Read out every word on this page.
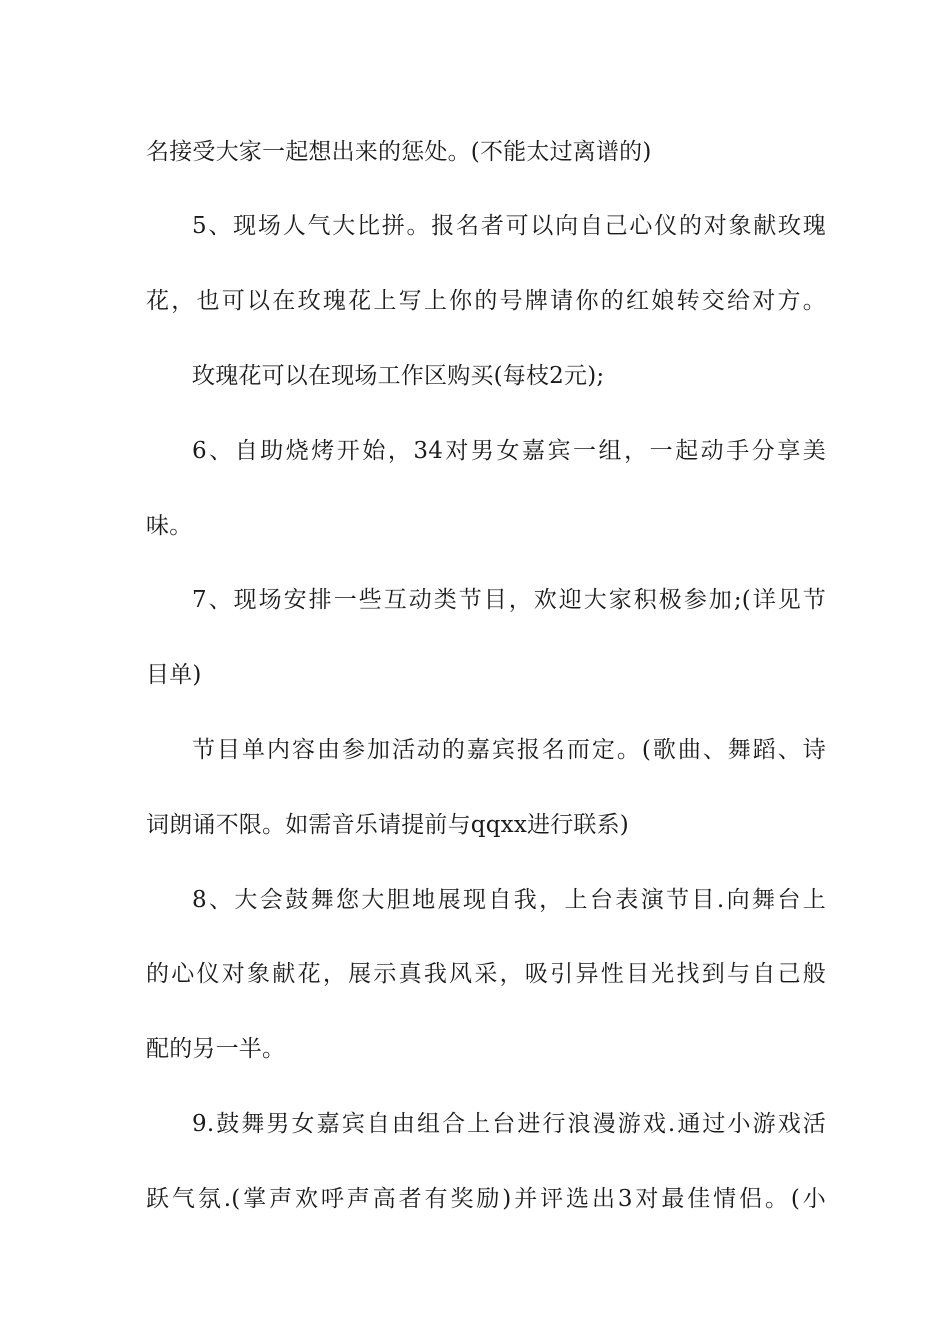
名接受大家一起想出来的惩处。(不能太过离谱的)

5、现场人气大比拼。报名者可以向自己心仪的对象献玫瑰

花，也可以在玫瑰花上写上你的号牌请你的红娘转交给对方。

玫瑰花可以在现场工作区购买(每枝2元);

6、自助烧烤开始，34对男女嘉宾一组，一起动手分享美

味。

7、现场安排一些互动类节目，欢迎大家积极参加;(详见节

目单)

节目单内容由参加活动的嘉宾报名而定。(歌曲、舞蹈、诗

词朗诵不限。如需音乐请提前与qqxx进行联系)

8、大会鼓舞您大胆地展现自我，上台表演节目.向舞台上

的心仪对象献花，展示真我风采，吸引异性目光找到与自己般

配的另一半。

9.鼓舞男女嘉宾自由组合上台进行浪漫游戏.通过小游戏活

跃气氛.(掌声欢呼声高者有奖励)并评选出3对最佳情侣。(小
